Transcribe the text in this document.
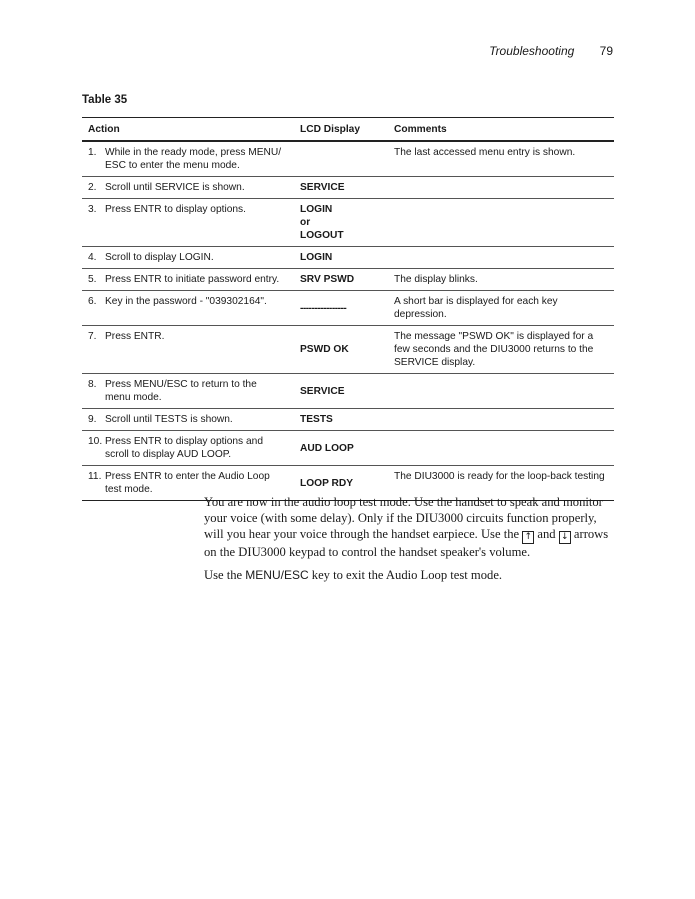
Troubleshooting 79
Table 35
Action	LCD Display	Comments
1. While in the ready mode, press MENU/ ESC to enter the menu mode.		The last accessed menu entry is shown.
2. Scroll until SERVICE is shown.	SERVICE	
3. Press ENTR to display options.	LOGIN
or
LOGOUT	

4. Scroll to display LOGIN.	LOGIN	
5. Press ENTR to initiate password entry.	SRV PSWD	The display blinks.
6. Key in the password - "039302164".	----------------	A short bar is displayed for each key depression.
7. Press ENTR.	PSWD OK	The message "PSWD OK" is displayed for a few seconds and the DIU3000 returns to the SERVICE display.
8. Press MENU/ESC to return to the menu mode.	SERVICE	
9. Scroll until TESTS is shown.	TESTS	
10. Press ENTR to display options and scroll to display AUD LOOP.	AUD LOOP	
11. Press ENTR to enter the Audio Loop test mode.	LOOP RDY	The DIU3000 is ready for the loop-back testing
You are now in the audio loop test mode. Use the handset to speak and monitor your voice (with some delay). Only if the DIU3000 circuits function properly, will you hear your voice through the handset earpiece. Use the ↑ and ↓ arrows on the DIU3000 keypad to control the handset speaker's volume.
Use the MENU/ESC key to exit the Audio Loop test mode.
